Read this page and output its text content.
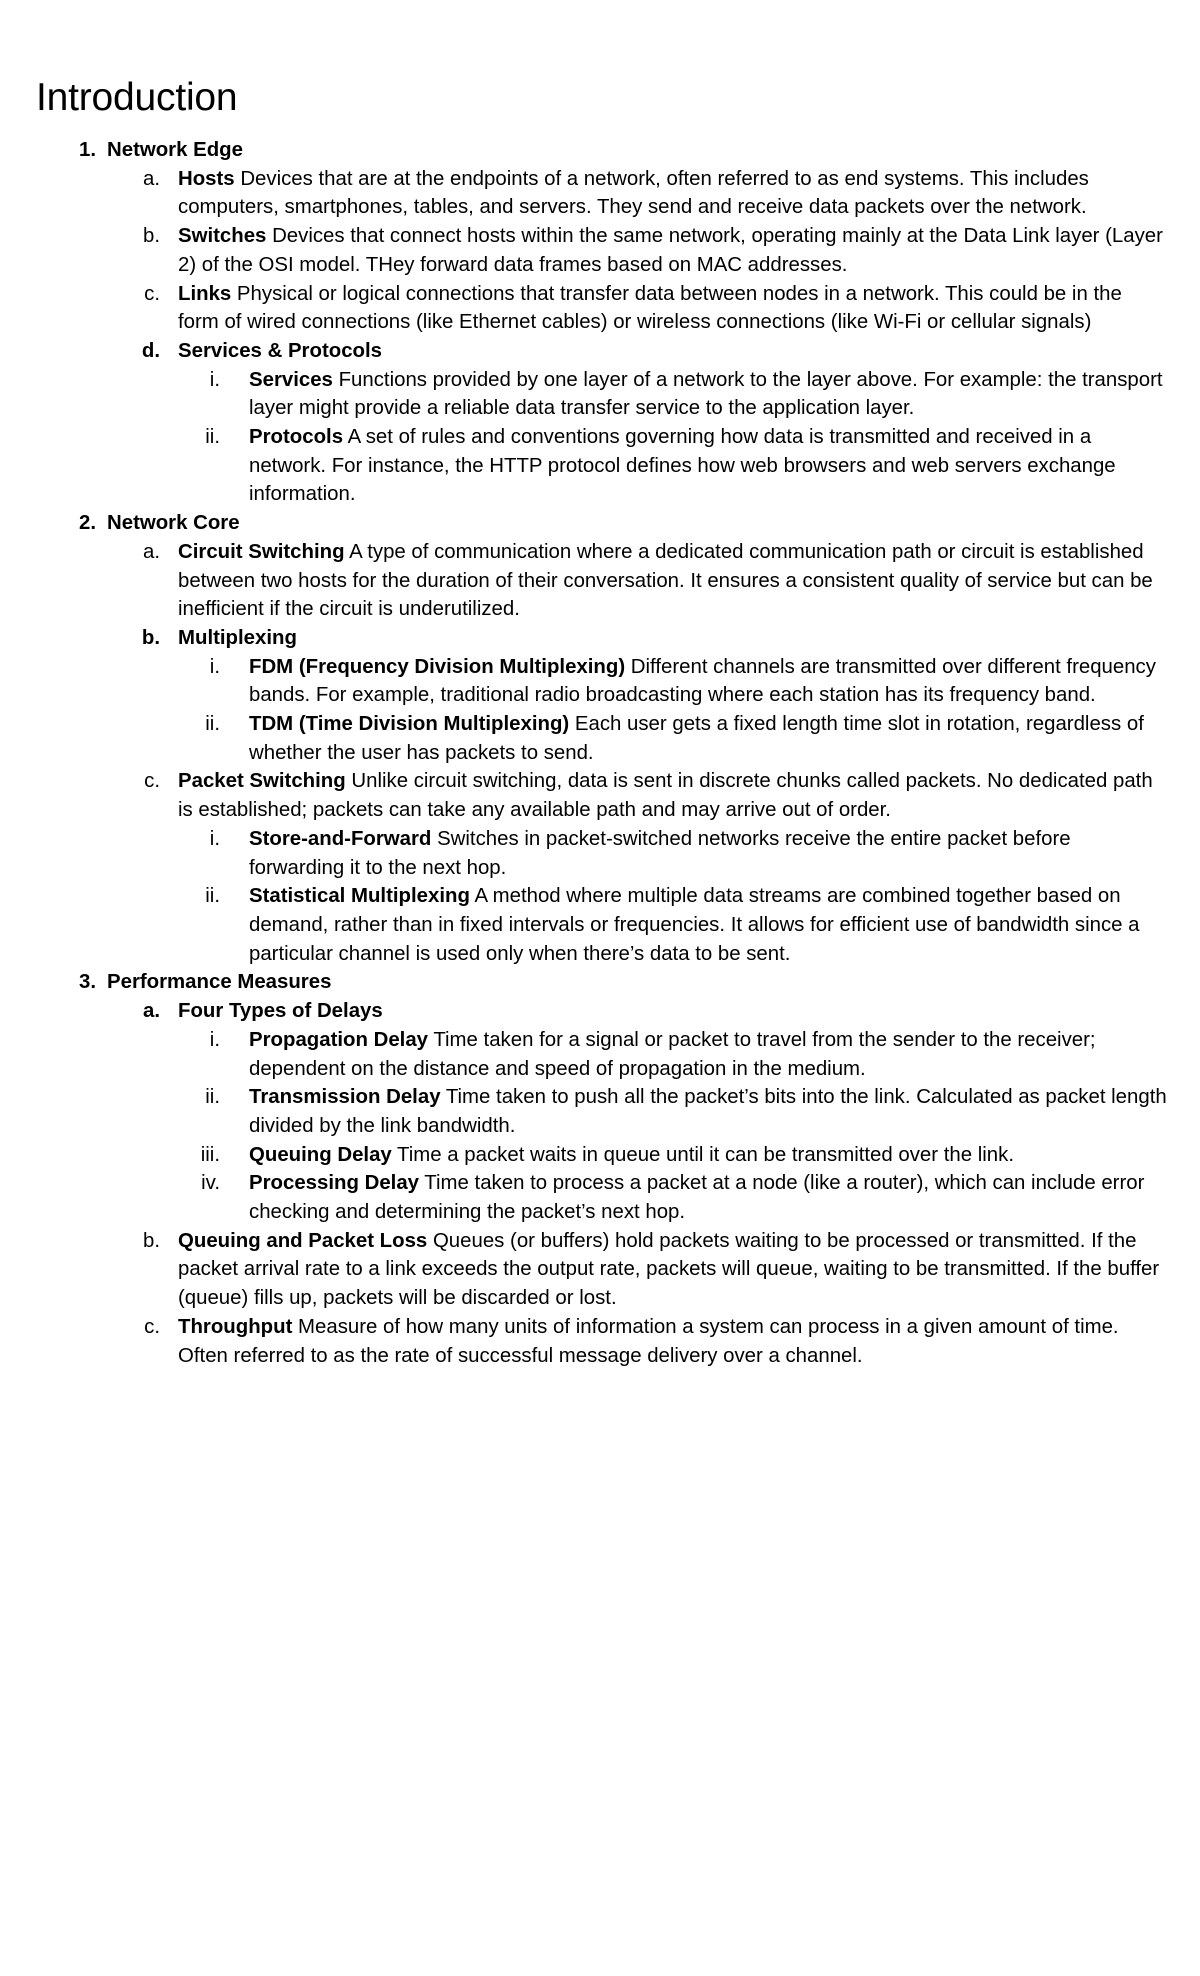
Introduction
1. Network Edge
a. Hosts Devices that are at the endpoints of a network, often referred to as end systems. This includes computers, smartphones, tables, and servers. They send and receive data packets over the network.
b. Switches Devices that connect hosts within the same network, operating mainly at the Data Link layer (Layer 2) of the OSI model. THey forward data frames based on MAC addresses.
c. Links Physical or logical connections that transfer data between nodes in a network. This could be in the form of wired connections (like Ethernet cables) or wireless connections (like Wi-Fi or cellular signals)
d. Services & Protocols
i. Services Functions provided by one layer of a network to the layer above. For example: the transport layer might provide a reliable data transfer service to the application layer.
ii. Protocols A set of rules and conventions governing how data is transmitted and received in a network. For instance, the HTTP protocol defines how web browsers and web servers exchange information.
2. Network Core
a. Circuit Switching A type of communication where a dedicated communication path or circuit is established between two hosts for the duration of their conversation. It ensures a consistent quality of service but can be inefficient if the circuit is underutilized.
b. Multiplexing
i. FDM (Frequency Division Multiplexing) Different channels are transmitted over different frequency bands. For example, traditional radio broadcasting where each station has its frequency band.
ii. TDM (Time Division Multiplexing) Each user gets a fixed length time slot in rotation, regardless of whether the user has packets to send.
c. Packet Switching Unlike circuit switching, data is sent in discrete chunks called packets. No dedicated path is established; packets can take any available path and may arrive out of order.
i. Store-and-Forward Switches in packet-switched networks receive the entire packet before forwarding it to the next hop.
ii. Statistical Multiplexing A method where multiple data streams are combined together based on demand, rather than in fixed intervals or frequencies. It allows for efficient use of bandwidth since a particular channel is used only when there’s data to be sent.
3. Performance Measures
a. Four Types of Delays
i. Propagation Delay Time taken for a signal or packet to travel from the sender to the receiver; dependent on the distance and speed of propagation in the medium.
ii. Transmission Delay Time taken to push all the packet’s bits into the link. Calculated as packet length divided by the link bandwidth.
iii. Queuing Delay Time a packet waits in queue until it can be transmitted over the link.
iv. Processing Delay Time taken to process a packet at a node (like a router), which can include error checking and determining the packet’s next hop.
b. Queuing and Packet Loss Queues (or buffers) hold packets waiting to be processed or transmitted. If the packet arrival rate to a link exceeds the output rate, packets will queue, waiting to be transmitted. If the buffer (queue) fills up, packets will be discarded or lost.
c. Throughput Measure of how many units of information a system can process in a given amount of time. Often referred to as the rate of successful message delivery over a channel.
